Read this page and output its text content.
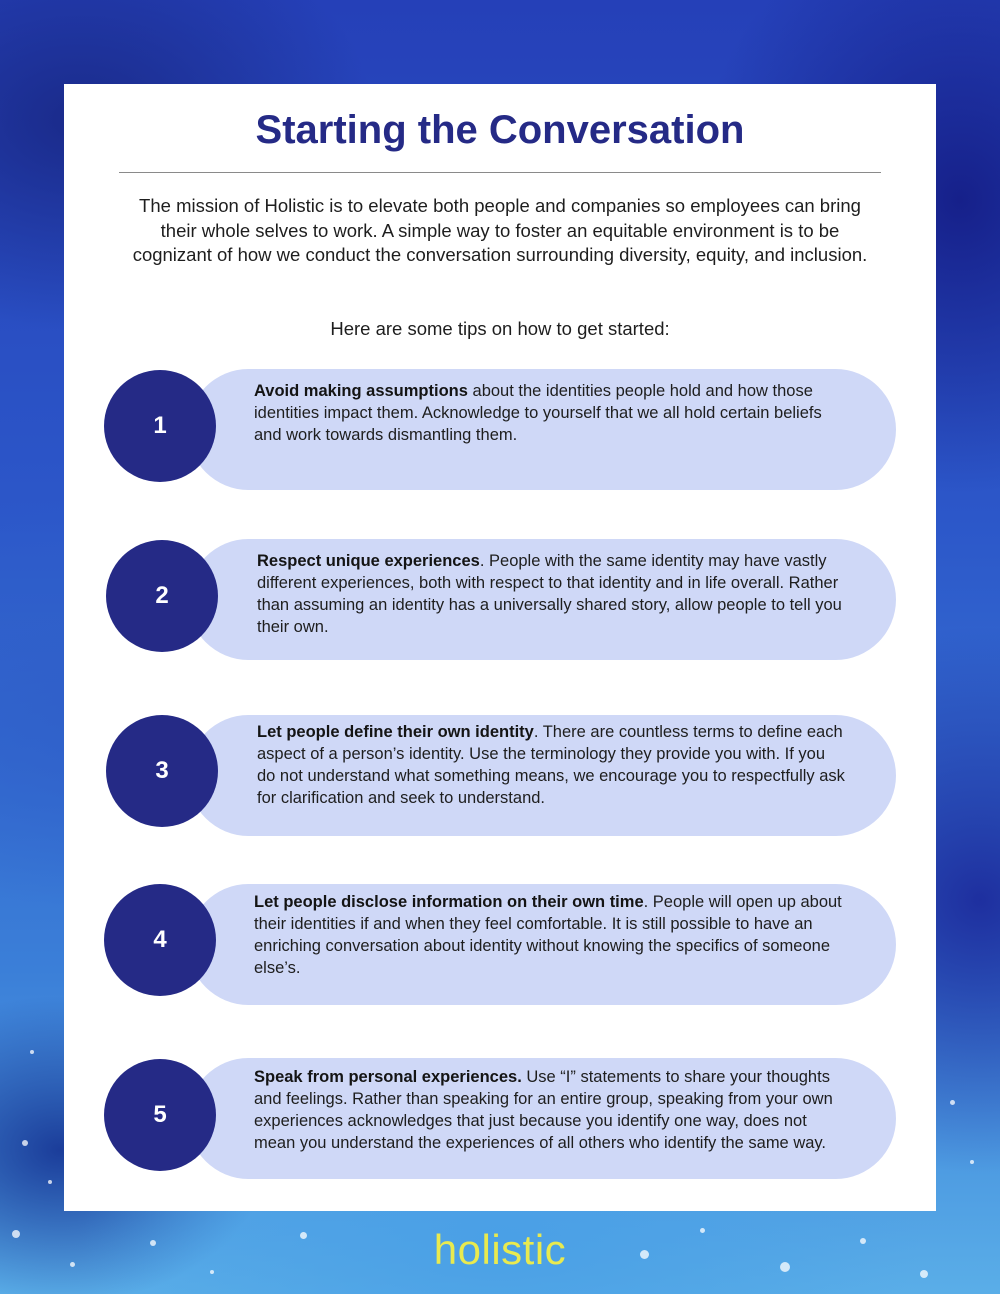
Starting the Conversation

The mission of Holistic is to elevate both people and companies so employees can bring their whole selves to work. A simple way to foster an equitable environment is to be cognizant of how we conduct the conversation surrounding diversity, equity, and inclusion.

Here are some tips on how to get started:

1

Avoid making assumptions about the identities people hold and how those identities impact them. Acknowledge to yourself that we all hold certain beliefs and work towards dismantling them.

2

Respect unique experiences. People with the same identity may have vastly different experiences, both with respect to that identity and in life overall. Rather than assuming an identity has a universally shared story, allow people to tell you their own.

3

Let people define their own identity. There are countless terms to define each aspect of a person’s identity. Use the terminology they provide you with. If you do not understand what something means, we encourage you to respectfully ask for clarification and seek to understand.

4

Let people disclose information on their own time. People will open up about their identities if and when they feel comfortable. It is still possible to have an enriching conversation about identity without knowing the specifics of someone else’s.

5

Speak from personal experiences. Use “I” statements to share your thoughts and feelings. Rather than speaking for an entire group, speaking from your own experiences acknowledges that just because you identify one way, does not mean you understand the experiences of all others who identify the same way.

holistic
